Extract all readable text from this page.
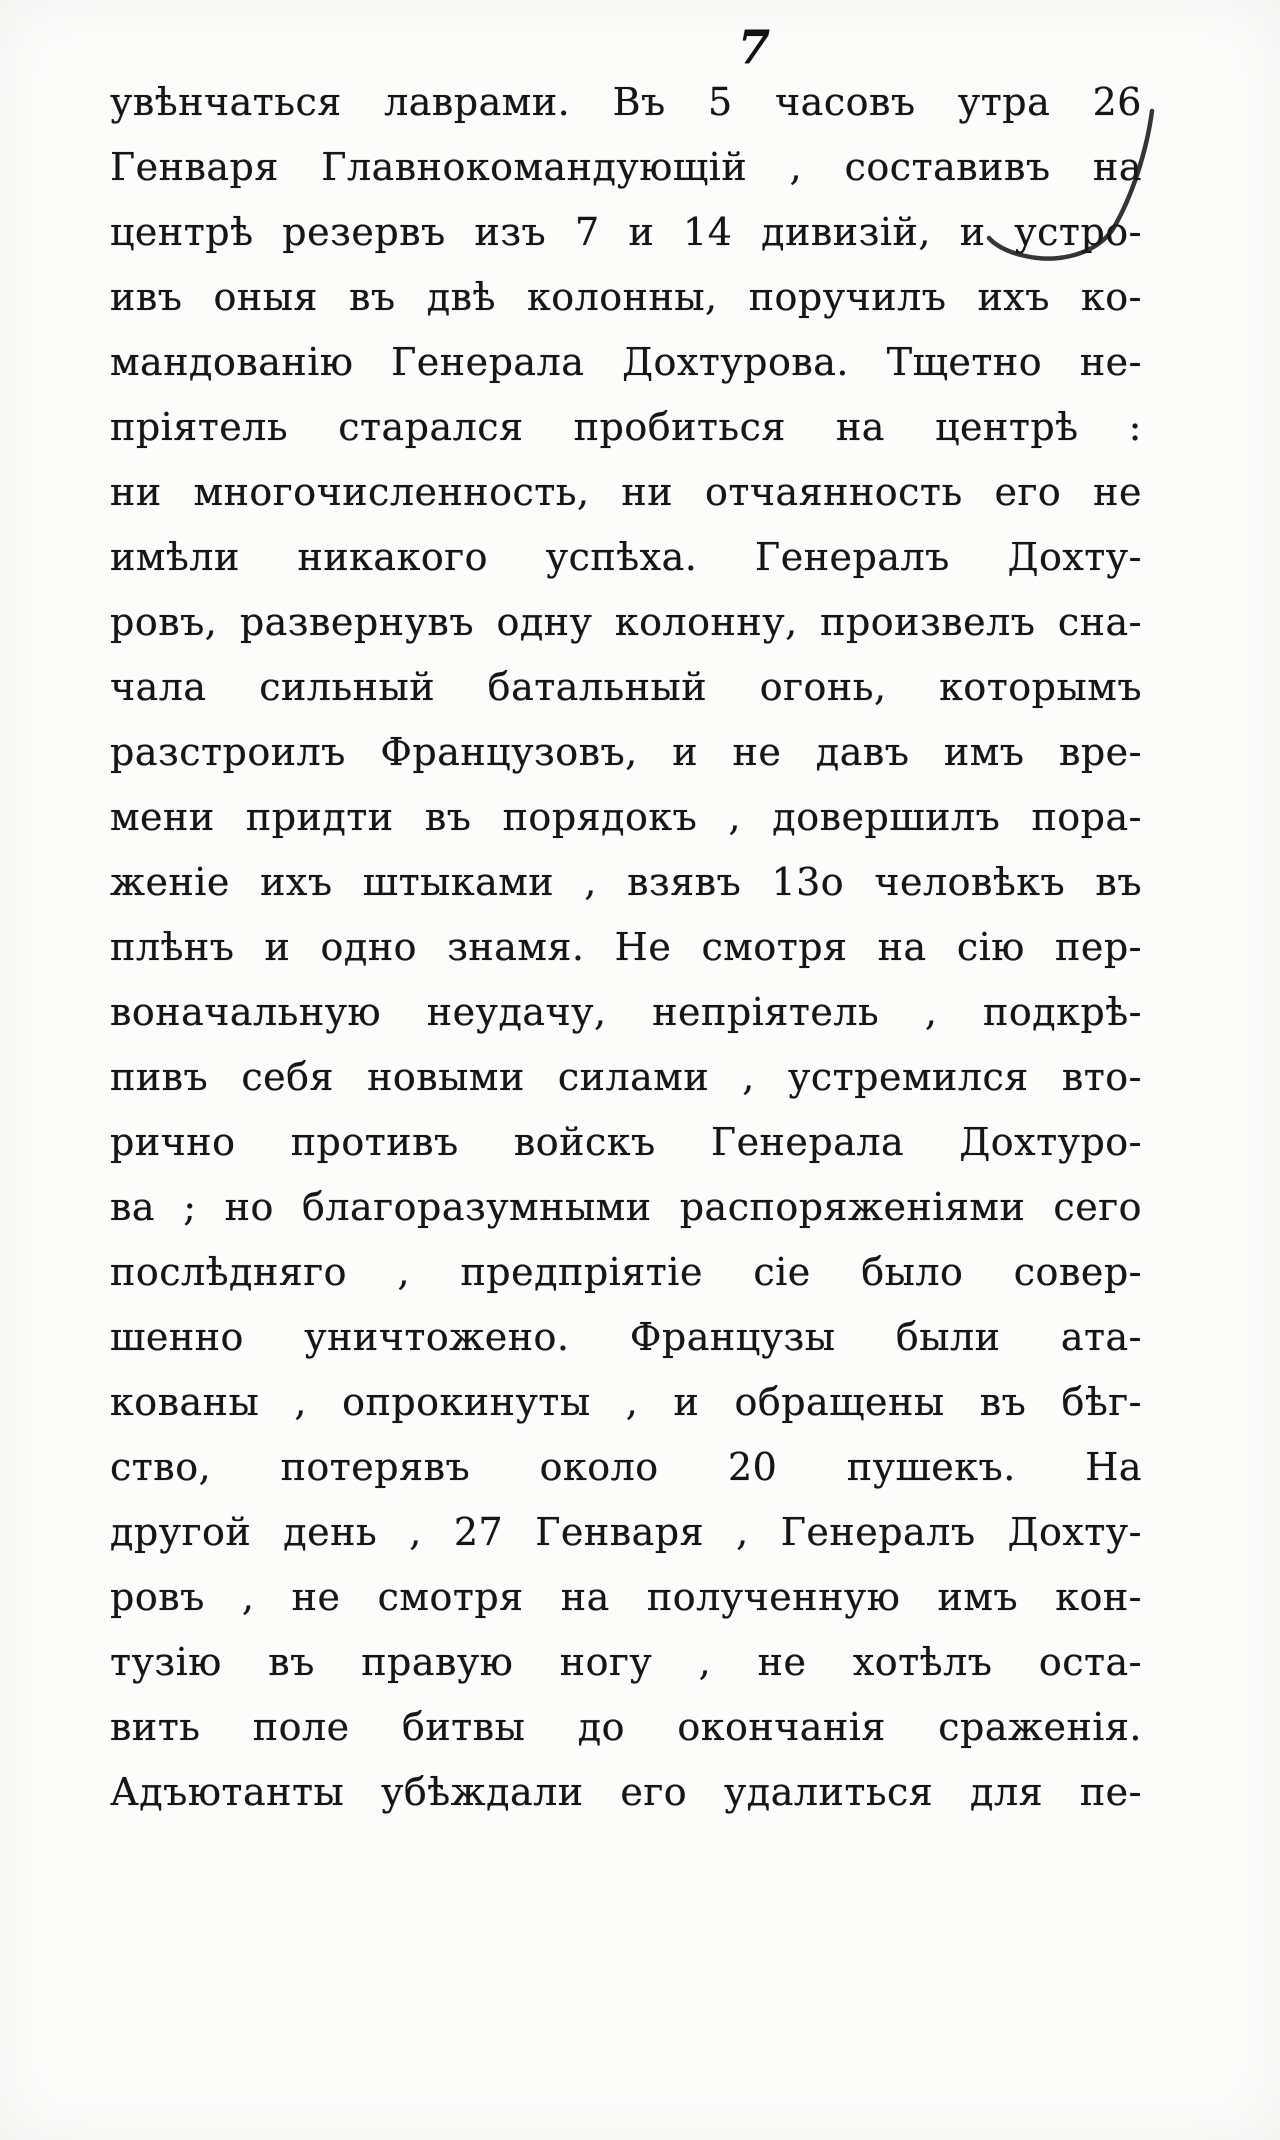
7
увѣнчаться лаврами. Въ 5 часовъ утра 26
Генваря Главнокомандующій , составивъ на
центрѣ резервъ изъ 7 и 14 дивизій, и устро-
ивъ оныя въ двѣ колонны, поручилъ ихъ ко-
мандованію Генерала Дохтурова. Тщетно не-
пріятель старался пробиться на центрѣ :
ни многочисленность, ни отчаянность его не
имѣли никакого успѣха. Генералъ Дохту-
ровъ, развернувъ одну колонну, произвелъ сна-
чала сильный батальный огонь, которымъ
разстроилъ Французовъ, и не давъ имъ вре-
мени придти въ порядокъ , довершилъ пора-
женіе ихъ штыками , взявъ 13о человѣкъ въ
плѣнъ и одно знамя. Не смотря на сію пер-
воначальную неудачу, непріятель , подкрѣ-
пивъ себя новыми силами , устремился вто-
рично противъ войскъ Генерала Дохтуро-
ва ; но благоразумными распоряженіями сего
послѣдняго , предпріятіе сіе было совер-
шенно уничтожено. Французы были ата-
кованы , опрокинуты , и обращены въ бѣг-
ство, потерявъ около 20 пушекъ. На
другой день , 27 Генваря , Генералъ Дохту-
ровъ , не смотря на полученную имъ кон-
тузію въ правую ногу , не хотѣлъ оста-
вить поле битвы до окончанія сраженія.
Адъютанты убѣждали его удалиться для пе-
